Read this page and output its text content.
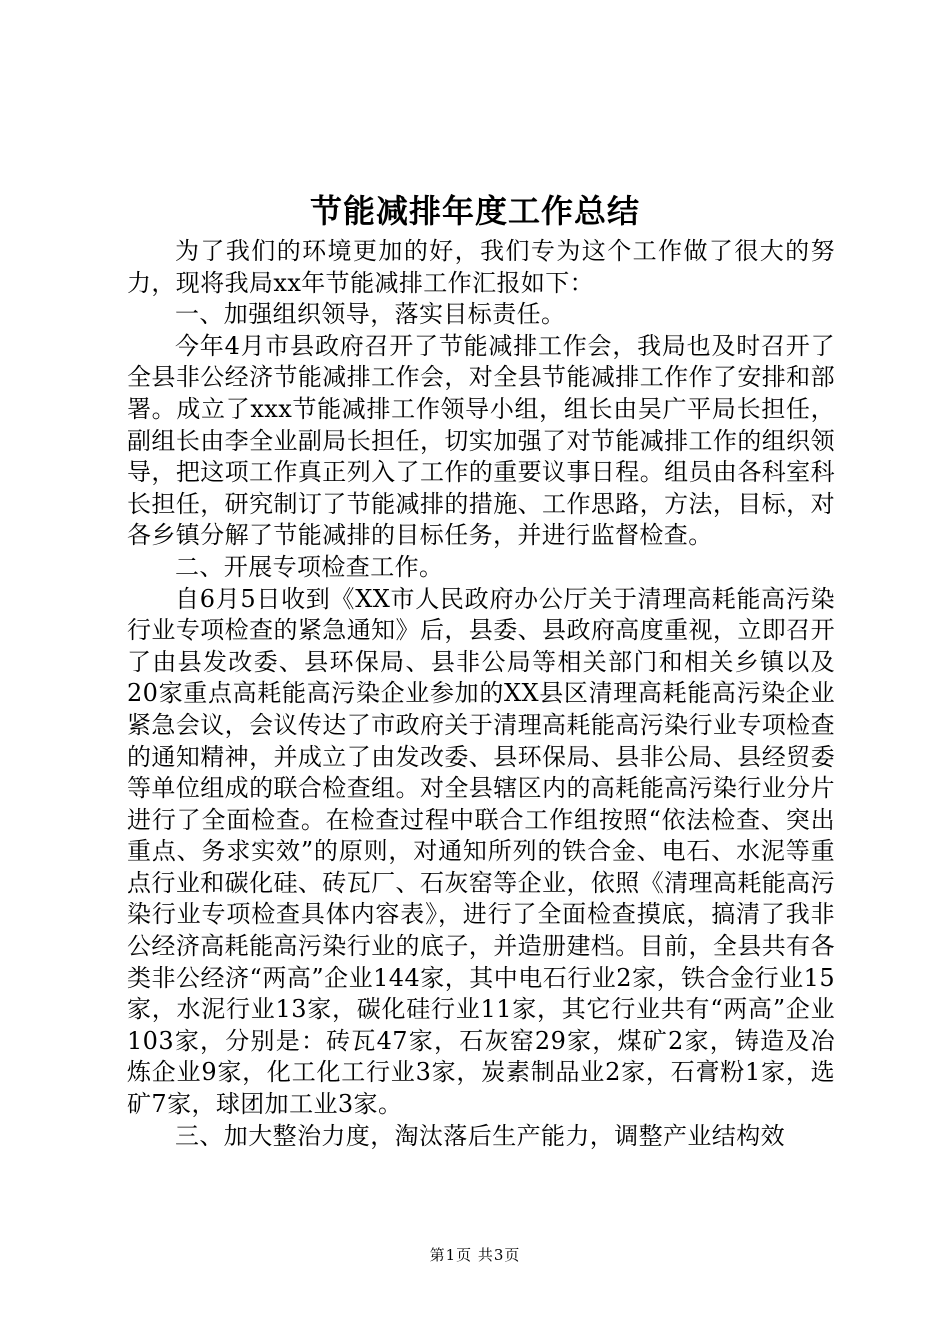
节能减排年度工作总结

为了我们的环境更加的好，我们专为这个工作做了很大的努力，现将我局xx年节能减排工作汇报如下：

一、加强组织领导，落实目标责任。

今年4月市县政府召开了节能减排工作会，我局也及时召开了全县非公经济节能减排工作会，对全县节能减排工作作了安排和部署。成立了xxx节能减排工作领导小组，组长由吴广平局长担任，副组长由李全业副局长担任，切实加强了对节能减排工作的组织领导，把这项工作真正列入了工作的重要议事日程。组员由各科室科长担任，研究制订了节能减排的措施、工作思路，方法，目标，对各乡镇分解了节能减排的目标任务，并进行监督检查。

二、开展专项检查工作。

自6月5日收到《XX市人民政府办公厅关于清理高耗能高污染行业专项检查的紧急通知》后，县委、县政府高度重视，立即召开了由县发改委、县环保局、县非公局等相关部门和相关乡镇以及20家重点高耗能高污染企业参加的XX县区清理高耗能高污染企业紧急会议，会议传达了市政府关于清理高耗能高污染行业专项检查的通知精神，并成立了由发改委、县环保局、县非公局、县经贸委等单位组成的联合检查组。对全县辖区内的高耗能高污染行业分片进行了全面检查。在检查过程中联合工作组按照“依法检查、突出重点、务求实效”的原则，对通知所列的铁合金、电石、水泥等重点行业和碳化硅、砖瓦厂、石灰窑等企业，依照《清理高耗能高污染行业专项检查具体内容表》，进行了全面检查摸底，搞清了我非公经济高耗能高污染行业的底子，并造册建档。目前，全县共有各类非公经济“两高”企业144家，其中电石行业2家，铁合金行业15家，水泥行业13家，碳化硅行业11家，其它行业共有“两高”企业103家，分别是：砖瓦47家，石灰窑29家，煤矿2家，铸造及冶炼企业9家，化工化工行业3家，炭素制品业2家，石膏粉1家，选矿7家，球团加工业3家。

三、加大整治力度，淘汰落后生产能力，调整产业结构效

第1页 共3页
